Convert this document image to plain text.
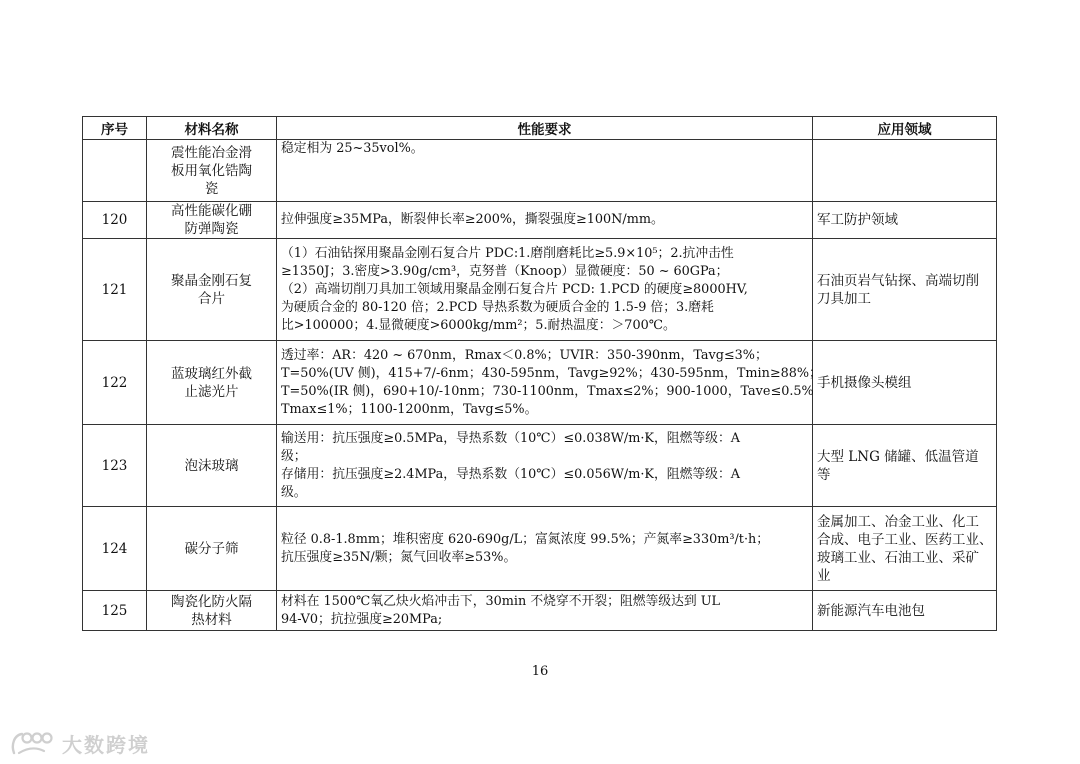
序号	材料名称	性能要求	应用领域

	震性能冶金滑
板用氧化锆陶
瓷	稳定相为 25~35vol%。	

120	高性能碳化硼
防弹陶瓷	拉伸强度≥35MPa，断裂伸长率≥200%，撕裂强度≥100N/mm。	军工防护领域

121	聚晶金刚石复
合片	（1）石油钻探用聚晶金刚石复合片 PDC:1.磨削磨耗比≥5.9×10⁵；2.抗冲击性
≥1350J；3.密度>3.90g/cm³，克努普（Knoop）显微硬度：50 ~ 60GPa；
（2）高端切削刀具加工领域用聚晶金刚石复合片 PCD: 1.PCD 的硬度≥8000HV,
为硬质合金的 80-120 倍；2.PCD 导热系数为硬质合金的 1.5-9 倍；3.磨耗
比>100000；4.显微硬度>6000kg/mm²；5.耐热温度：＞700℃。	石油页岩气钻探、高端切削
刀具加工

122	蓝玻璃红外截
止滤光片	透过率：AR：420 ~ 670nm，Rmax＜0.8%；UVIR：350-390nm，Tavg≤3%；
T=50%(UV 侧)，415+7/-6nm；430-595nm，Tavg≥92%；430-595nm，Tmin≥88%；
T=50%(IR 侧)，690+10/-10nm；730-1100nm，Tmax≤2%；900-1000，Tave≤0.5%
Tmax≤1%；1100-1200nm，Tavg≤5%。	手机摄像头模组

123	泡沫玻璃	输送用：抗压强度≥0.5MPa，导热系数（10℃）≤0.038W/m·K，阻燃等级：A
级；
存储用：抗压强度≥2.4MPa，导热系数（10℃）≤0.056W/m·K，阻燃等级：A
级。	大型 LNG 储罐、低温管道
等

124	碳分子筛	粒径 0.8-1.8mm；堆积密度 620-690g/L；富氮浓度 99.5%；产氮率≥330m³/t·h；
抗压强度≥35N/颗；氮气回收率≥53%。	金属加工、冶金工业、化工
合成、电子工业、医药工业、
玻璃工业、石油工业、采矿
业

125	陶瓷化防火隔
热材料	材料在 1500℃氧乙炔火焰冲击下，30min 不烧穿不开裂；阻燃等级达到 UL
94-V0；抗拉强度≥20MPa;	新能源汽车电池包
16
大数跨境
